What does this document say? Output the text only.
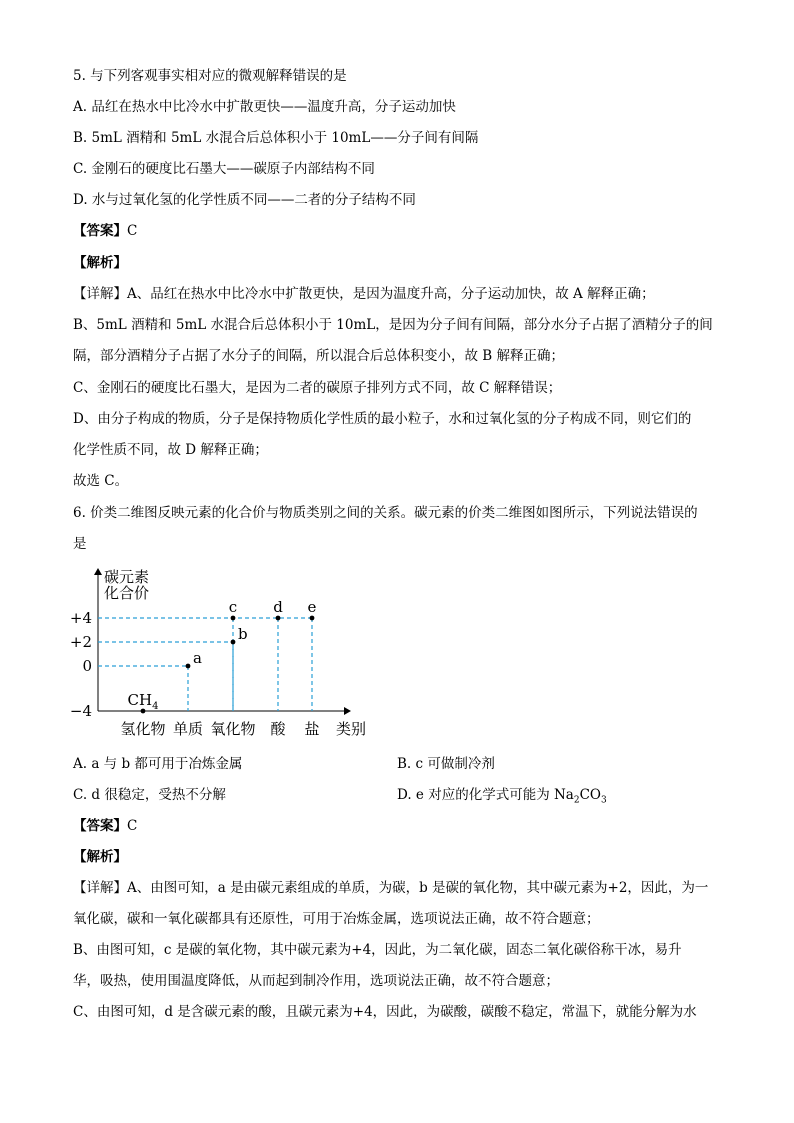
5. 与下列客观事实相对应的微观解释错误的是
A. 品红在热水中比冷水中扩散更快——温度升高，分子运动加快
B. 5mL 酒精和 5mL 水混合后总体积小于 10mL——分子间有间隔
C. 金刚石的硬度比石墨大——碳原子内部结构不同
D. 水与过氧化氢的化学性质不同——二者的分子结构不同
【答案】C
【解析】
【详解】A、品红在热水中比冷水中扩散更快，是因为温度升高，分子运动加快，故 A 解释正确；
B、5mL 酒精和 5mL 水混合后总体积小于 10mL，是因为分子间有间隔，部分水分子占据了酒精分子的间
隔，部分酒精分子占据了水分子的间隔，所以混合后总体积变小，故 B 解释正确；
C、金刚石的硬度比石墨大，是因为二者的碳原子排列方式不同，故 C 解释错误；
D、由分子构成的物质，分子是保持物质化学性质的最小粒子，水和过氧化氢的分子构成不同，则它们的
化学性质不同，故 D 解释正确；
故选 C。
6. 价类二维图反映元素的化合价与物质类别之间的关系。碳元素的价类二维图如图所示，下列说法错误的
是
碳元素
化合价
类别
+4
+2
0
−4
氢化物 单质 氧化物 酸 盐
$CH_4$
a
b
c d e
A. a 与 b 都可用于冶炼金属	B. c 可做制冷剂
C. d 很稳定，受热不分解	D. e 对应的化学式可能为 $Na_2CO_3$
【答案】C
【解析】
【详解】A、由图可知，a 是由碳元素组成的单质，为碳，b 是碳的氧化物，其中碳元素为+2，因此，为一
氧化碳，碳和一氧化碳都具有还原性，可用于冶炼金属，选项说法正确，故不符合题意；
B、由图可知，c 是碳的氧化物，其中碳元素为+4，因此，为二氧化碳，固态二氧化碳俗称干冰，易升
华，吸热，使用围温度降低，从而起到制冷作用，选项说法正确，故不符合题意；
C、由图可知，d 是含碳元素的酸，且碳元素为+4，因此，为碳酸，碳酸不稳定，常温下，就能分解为水
